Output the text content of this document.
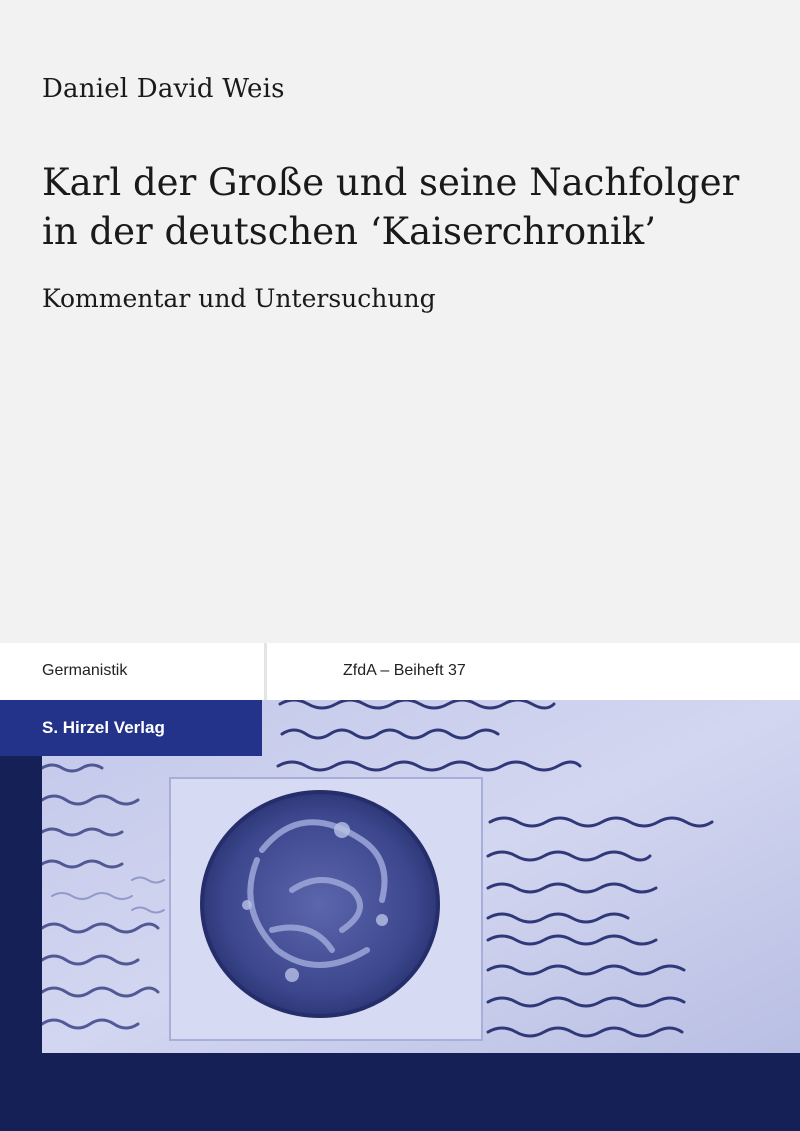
Daniel David Weis
Karl der Große und seine Nachfolger
in der deutschen ‘Kaiserchronik’
Kommentar und Untersuchung
Germanistik	ZfdA – Beiheft 37
S. Hirzel Verlag
